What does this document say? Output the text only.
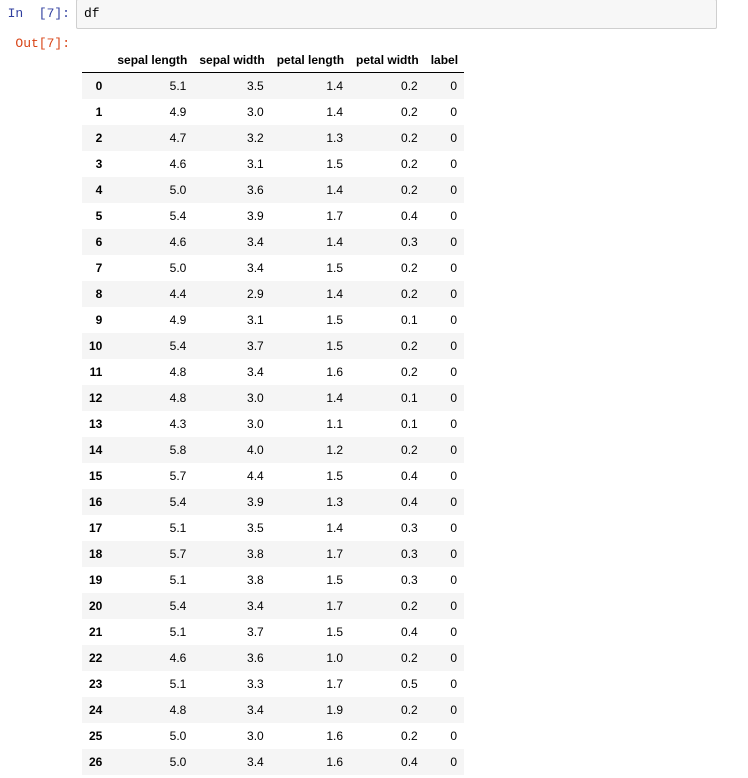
In  [7]: df
Out[7]:
	sepal length	sepal width	petal length	petal width	label
0	5.1	3.5	1.4	0.2	0
1	4.9	3.0	1.4	0.2	0
2	4.7	3.2	1.3	0.2	0
3	4.6	3.1	1.5	0.2	0
4	5.0	3.6	1.4	0.2	0
5	5.4	3.9	1.7	0.4	0
6	4.6	3.4	1.4	0.3	0
7	5.0	3.4	1.5	0.2	0
8	4.4	2.9	1.4	0.2	0
9	4.9	3.1	1.5	0.1	0
10	5.4	3.7	1.5	0.2	0
11	4.8	3.4	1.6	0.2	0
12	4.8	3.0	1.4	0.1	0
13	4.3	3.0	1.1	0.1	0
14	5.8	4.0	1.2	0.2	0
15	5.7	4.4	1.5	0.4	0
16	5.4	3.9	1.3	0.4	0
17	5.1	3.5	1.4	0.3	0
18	5.7	3.8	1.7	0.3	0
19	5.1	3.8	1.5	0.3	0
20	5.4	3.4	1.7	0.2	0
21	5.1	3.7	1.5	0.4	0
22	4.6	3.6	1.0	0.2	0
23	5.1	3.3	1.7	0.5	0
24	4.8	3.4	1.9	0.2	0
25	5.0	3.0	1.6	0.2	0
26	5.0	3.4	1.6	0.4	0
